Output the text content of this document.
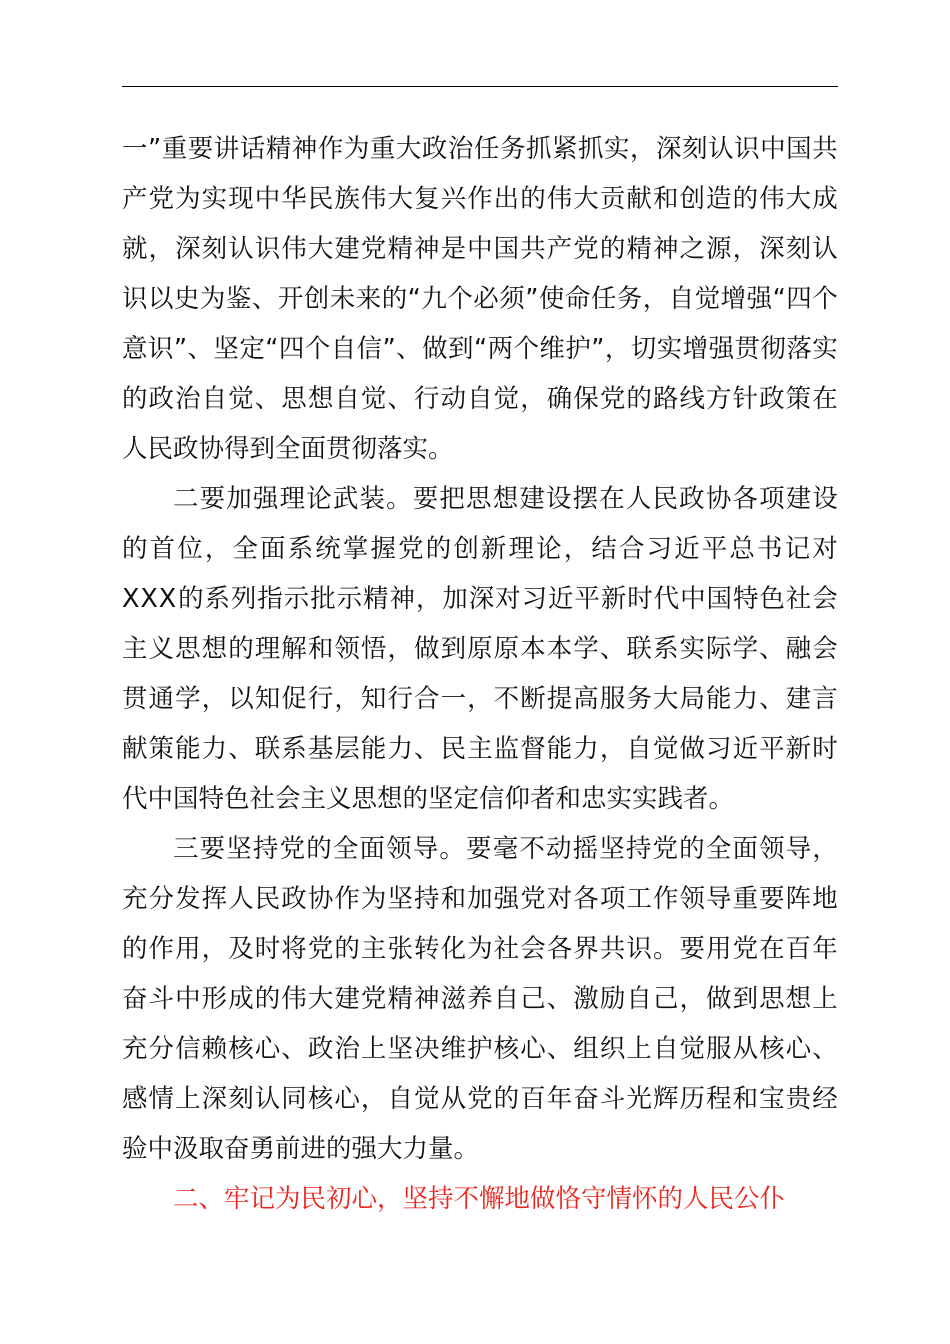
一 ” 重 要 讲 话 精 神 作 为 重 大 政 治 任 务 抓 紧 抓 实 ， 深 刻 认 识 中 国 共
产 党 为 实 现 中 华 民 族 伟 大 复 兴 作 出 的 伟 大 贡 献 和 创 造 的 伟 大 成
就 ， 深 刻 认 识 伟 大 建 党 精 神 是 中 国 共 产 党 的 精 神 之 源 ， 深 刻 认
识 以 史 为 鉴 、 开 创 未 来 的 “ 九 个 必 须 ” 使 命 任 务 ， 自 觉 增 强 “ 四 个
意 识 ” 、 坚 定 “ 四 个 自 信 ” 、 做 到 “ 两 个 维 护 ” ， 切 实 增 强 贯 彻 落 实
的 政 治 自 觉 、 思 想 自 觉 、 行 动 自 觉 ， 确 保 党 的 路 线 方 针 政 策 在
人民政协得到全面贯彻落实。
二 要 加 强 理 论 武 装 。 要 把 思 想 建 设 摆 在 人 民 政 协 各 项 建 设
的 首 位 ， 全 面 系 统 掌 握 党 的 创 新 理 论 ， 结 合 习 近 平 总 书 记 对
X X X 的 系 列 指 示 批 示 精 神 ， 加 深 对 习 近 平 新 时 代 中 国 特 色 社 会
主 义 思 想 的 理 解 和 领 悟 ， 做 到 原 原 本 本 学 、 联 系 实 际 学 、 融 会
贯 通 学 ， 以 知 促 行 ， 知 行 合 一 ， 不 断 提 高 服 务 大 局 能 力 、 建 言
献 策 能 力 、 联 系 基 层 能 力 、 民 主 监 督 能 力 ， 自 觉 做 习 近 平 新 时
代中国特色社会主义思想的坚定信仰者和忠实实践者。
三 要 坚 持 党 的 全 面 领 导 。 要 毫 不 动 摇 坚 持 党 的 全 面 领 导 ，
充 分 发 挥 人 民 政 协 作 为 坚 持 和 加 强 党 对 各 项 工 作 领 导 重 要 阵 地
的 作 用 ， 及 时 将 党 的 主 张 转 化 为 社 会 各 界 共 识 。 要 用 党 在 百 年
奋 斗 中 形 成 的 伟 大 建 党 精 神 滋 养 自 己 、 激 励 自 己 ， 做 到 思 想 上
充 分 信 赖 核 心 、 政 治 上 坚 决 维 护 核 心 、 组 织 上 自 觉 服 从 核 心 、
感 情 上 深 刻 认 同 核 心 ， 自 觉 从 党 的 百 年 奋 斗 光 辉 历 程 和 宝 贵 经
验中汲取奋勇前进的强大力量。
二、牢记为民初心，坚持不懈地做恪守情怀的人民公仆
